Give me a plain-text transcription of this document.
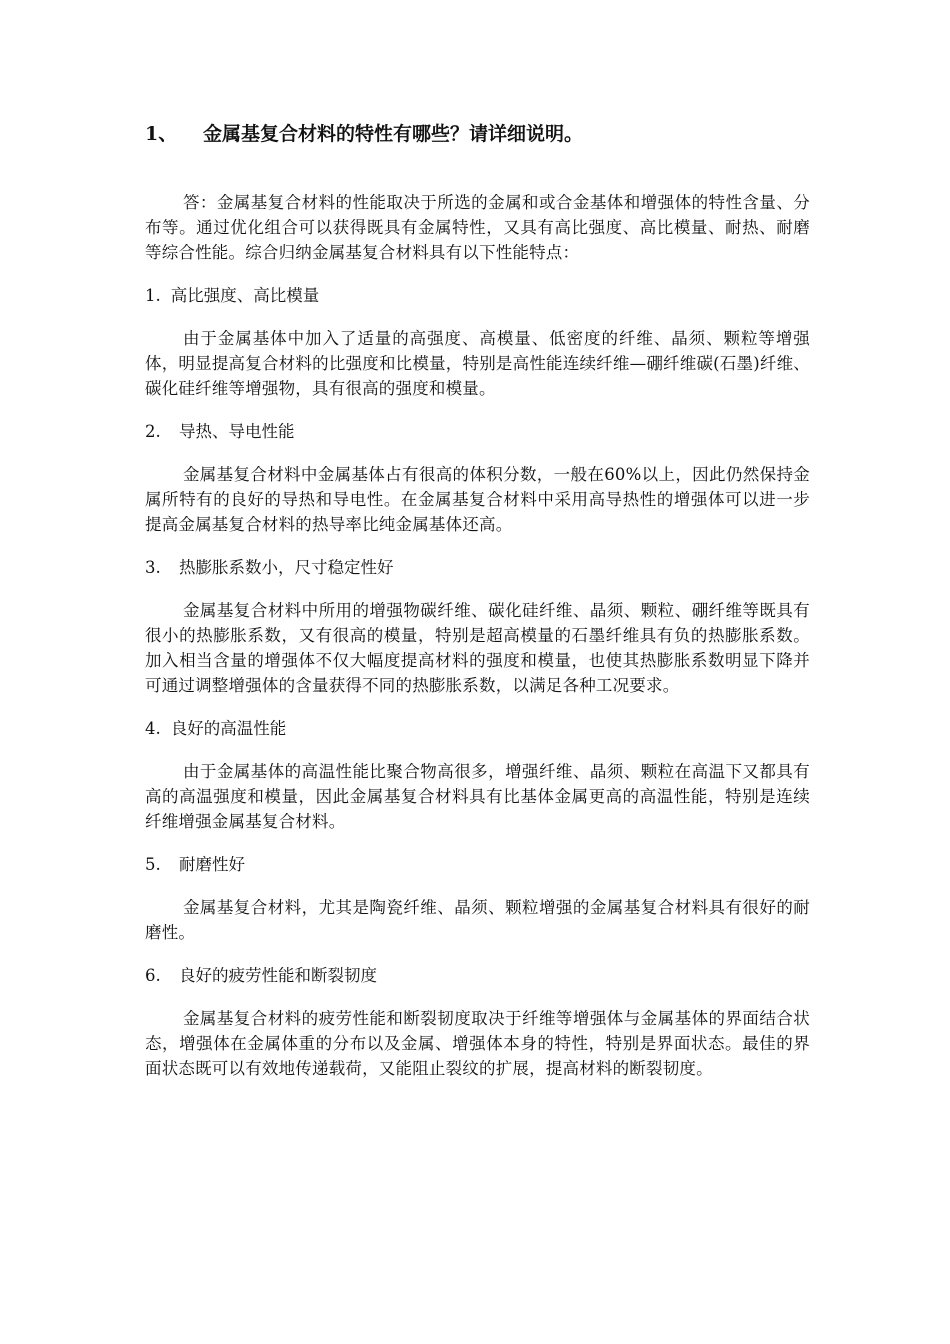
1、	金属基复合材料的特性有哪些？请详细说明。

答：金属基复合材料的性能取决于所选的金属和或合金基体和增强体的特性含量、分布等。通过优化组合可以获得既具有金属特性，又具有高比强度、高比模量、耐热、耐磨等综合性能。综合归纳金属基复合材料具有以下性能特点：

1. 高比强度、高比模量

由于金属基体中加入了适量的高强度、高模量、低密度的纤维、晶须、颗粒等增强体，明显提高复合材料的比强度和比模量，特别是高性能连续纤维—硼纤维碳(石墨)纤维、碳化硅纤维等增强物，具有很高的强度和模量。

2.	导热、导电性能

金属基复合材料中金属基体占有很高的体积分数，一般在60%以上，因此仍然保持金属所特有的良好的导热和导电性。在金属基复合材料中采用高导热性的增强体可以进一步提高金属基复合材料的热导率比纯金属基体还高。

3.	热膨胀系数小，尺寸稳定性好

金属基复合材料中所用的增强物碳纤维、碳化硅纤维、晶须、颗粒、硼纤维等既具有很小的热膨胀系数，又有很高的模量，特别是超高模量的石墨纤维具有负的热膨胀系数。加入相当含量的增强体不仅大幅度提高材料的强度和模量，也使其热膨胀系数明显下降并可通过调整增强体的含量获得不同的热膨胀系数，以满足各种工况要求。

4. 良好的高温性能

由于金属基体的高温性能比聚合物高很多，增强纤维、晶须、颗粒在高温下又都具有高的高温强度和模量，因此金属基复合材料具有比基体金属更高的高温性能，特别是连续纤维增强金属基复合材料。

5.	耐磨性好

金属基复合材料，尤其是陶瓷纤维、晶须、颗粒增强的金属基复合材料具有很好的耐磨性。

6.	良好的疲劳性能和断裂韧度

金属基复合材料的疲劳性能和断裂韧度取决于纤维等增强体与金属基体的界面结合状态，增强体在金属体重的分布以及金属、增强体本身的特性，特别是界面状态。最佳的界面状态既可以有效地传递载荷，又能阻止裂纹的扩展，提高材料的断裂韧度。
